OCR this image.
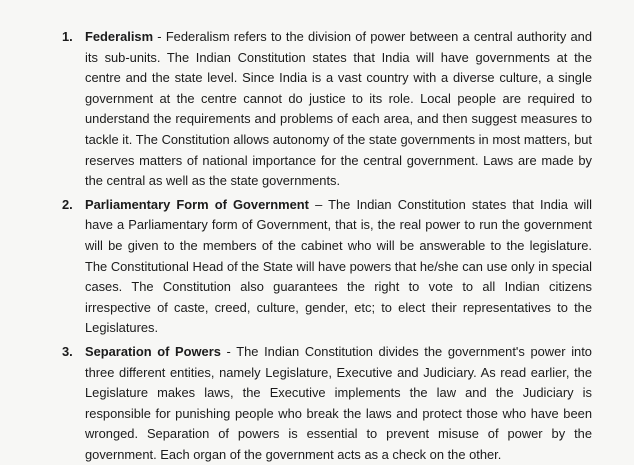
1. Federalism - Federalism refers to the division of power between a central authority and its sub-units. The Indian Constitution states that India will have governments at the centre and the state level. Since India is a vast country with a diverse culture, a single government at the centre cannot do justice to its role. Local people are required to understand the requirements and problems of each area, and then suggest measures to tackle it. The Constitution allows autonomy of the state governments in most matters, but reserves matters of national importance for the central government. Laws are made by the central as well as the state governments.

2. Parliamentary Form of Government – The Indian Constitution states that India will have a Parliamentary form of Government, that is, the real power to run the government will be given to the members of the cabinet who will be answerable to the legislature. The Constitutional Head of the State will have powers that he/she can use only in special cases. The Constitution also guarantees the right to vote to all Indian citizens irrespective of caste, creed, culture, gender, etc; to elect their representatives to the Legislatures.

3. Separation of Powers - The Indian Constitution divides the government's power into three different entities, namely Legislature, Executive and Judiciary. As read earlier, the Legislature makes laws, the Executive implements the law and the Judiciary is responsible for punishing people who break the laws and protect those who have been wronged. Separation of powers is essential to prevent misuse of power by the government. Each organ of the government acts as a check on the other.
